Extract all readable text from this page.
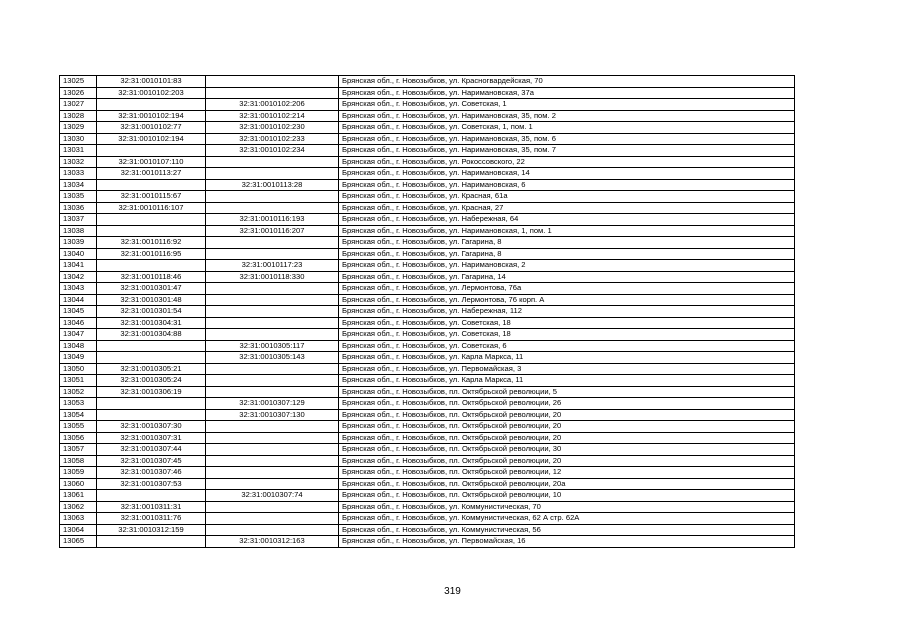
13025	32:31:0010101:83		Брянская обл., г. Новозыбков, ул. Красногвардейская, 70
13026	32:31:0010102:203		Брянская обл., г. Новозыбков, ул. Наримановская, 37а
13027		32:31:0010102:206	Брянская обл., г. Новозыбков, ул. Советская, 1
13028	32:31:0010102:194	32:31:0010102:214	Брянская обл., г. Новозыбков, ул. Наримановская, 35, пом. 2
13029	32:31:0010102:77	32:31:0010102:230	Брянская обл., г. Новозыбков, ул. Советская, 1, пом. 1
13030	32:31:0010102:194	32:31:0010102:233	Брянская обл., г. Новозыбков, ул. Наримановская, 35, пом. 6
13031		32:31:0010102:234	Брянская обл., г. Новозыбков, ул. Наримановская, 35, пом. 7
13032	32:31:0010107:110		Брянская обл., г. Новозыбков, ул. Рокоссовского, 22
13033	32:31:0010113:27		Брянская обл., г. Новозыбков, ул. Наримановская, 14
13034		32:31:0010113:28	Брянская обл., г. Новозыбков, ул. Наримановская, 6
13035	32:31:0010115:67		Брянская обл., г. Новозыбков, ул. Красная, 61а
13036	32:31:0010116:107		Брянская обл., г. Новозыбков, ул. Красная, 27
13037		32:31:0010116:193	Брянская обл., г. Новозыбков, ул. Набережная, 64
13038		32:31:0010116:207	Брянская обл., г. Новозыбков, ул. Наримановская, 1, пом. 1
13039	32:31:0010116:92		Брянская обл., г. Новозыбков, ул. Гагарина, 8
13040	32:31:0010116:95		Брянская обл., г. Новозыбков, ул. Гагарина, 8
13041		32:31:0010117:23	Брянская обл., г. Новозыбков, ул. Наримановская, 2
13042	32:31:0010118:46	32:31:0010118:330	Брянская обл., г. Новозыбков, ул. Гагарина, 14
13043	32:31:0010301:47		Брянская обл., г. Новозыбков, ул. Лермонтова, 76а
13044	32:31:0010301:48		Брянская обл., г. Новозыбков, ул. Лермонтова, 76 корп. А
13045	32:31:0010301:54		Брянская обл., г. Новозыбков, ул. Набережная, 112
13046	32:31:0010304:31		Брянская обл., г. Новозыбков, ул. Советская, 18
13047	32:31:0010304:88		Брянская обл., г. Новозыбков, ул. Советская, 18
13048		32:31:0010305:117	Брянская обл., г. Новозыбков, ул. Советская, 6
13049		32:31:0010305:143	Брянская обл., г. Новозыбков, ул. Карла Маркса, 11
13050	32:31:0010305:21		Брянская обл., г. Новозыбков, ул. Первомайская, 3
13051	32:31:0010305:24		Брянская обл., г. Новозыбков, ул. Карла Маркса, 11
13052	32:31:0010306:19		Брянская обл., г. Новозыбков, пл. Октябрьской революции, 5
13053		32:31:0010307:129	Брянская обл., г. Новозыбков, пл. Октябрьской революции, 26
13054		32:31:0010307:130	Брянская обл., г. Новозыбков, пл. Октябрьской революции, 20
13055	32:31:0010307:30		Брянская обл., г. Новозыбков, пл. Октябрьской революции, 20
13056	32:31:0010307:31		Брянская обл., г. Новозыбков, пл. Октябрьской революции, 20
13057	32:31:0010307:44		Брянская обл., г. Новозыбков, пл. Октябрьской революции, 30
13058	32:31:0010307:45		Брянская обл., г. Новозыбков, пл. Октябрьской революции, 20
13059	32:31:0010307:46		Брянская обл., г. Новозыбков, пл. Октябрьской революции, 12
13060	32:31:0010307:53		Брянская обл., г. Новозыбков, пл. Октябрьской революции, 20а
13061		32:31:0010307:74	Брянская обл., г. Новозыбков, пл. Октябрьской революции, 10
13062	32:31:0010311:31		Брянская обл., г. Новозыбков, ул. Коммунистическая, 70
13063	32:31:0010311:76		Брянская обл., г. Новозыбков, ул. Коммунистическая, 62 А стр. 62А
13064	32:31:0010312:159		Брянская обл., г. Новозыбков, ул. Коммунистическая, 56
13065		32:31:0010312:163	Брянская обл., г. Новозыбков, ул. Первомайская, 16
319
